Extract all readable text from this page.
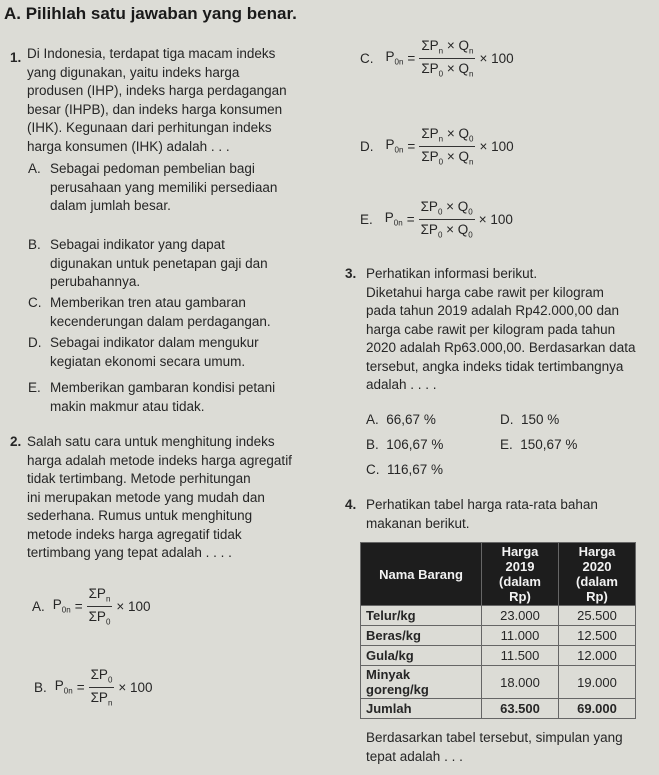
A. Pilihlah satu jawaban yang benar.
1. Di Indonesia, terdapat tiga macam indeks
yang digunakan, yaitu indeks harga
produsen (IHP), indeks harga perdagangan
besar (IHPB), dan indeks harga konsumen
(IHK). Kegunaan dari perhitungan indeks
harga konsumen (IHK) adalah . . .
A. Sebagai pedoman pembelian bagi
perusahaan yang memiliki persediaan
dalam jumlah besar.
B. Sebagai indikator yang dapat
digunakan untuk penetapan gaji dan
perubahannya.
C. Memberikan tren atau gambaran
kecenderungan dalam perdagangan.
D. Sebagai indikator dalam mengukur
kegiatan ekonomi secara umum.
E. Memberikan gambaran kondisi petani
makin makmur atau tidak.
2. Salah satu cara untuk menghitung indeks
harga adalah metode indeks harga agregatif
tidak tertimbang. Metode perhitungan
ini merupakan metode yang mudah dan
sederhana. Rumus untuk menghitung
metode indeks harga agregatif tidak
tertimbang yang tepat adalah . . . .
A. $P_{0n}$ =
$\Sigma P_n$
$\Sigma P_0$
× 100
B. $P_{0n}$ =
$\Sigma P_0$
$\Sigma P_n$
× 100
C. $P_{0n}$ =
$\Sigma P_n \times Q_n$
$\Sigma P_0 \times Q_n$
× 100
D. $P_{0n}$ =
$\Sigma P_n \times Q_0$
$\Sigma P_0 \times Q_n$
× 100
E. $P_{0n} = \frac{\Sigma P_0 \times Q_0}{\Sigma P_0 \times Q_0} \times 100$
3. Perhatikan informasi berikut.
Diketahui harga cabe rawit per kilogram
pada tahun 2019 adalah Rp42.000,00 dan
harga cabe rawit per kilogram pada tahun
2020 adalah Rp63.000,00. Berdasarkan data
tersebut, angka indeks tidak tertimbangnya
adalah . . . .
A. 66,67 %	D. 150 %
B. 106,67 %	E. 150,67 %
C. 116,67 %
4. Perhatikan tabel harga rata-rata bahan
makanan berikut.
Nama Barang	Harga 2019 (dalam Rp)	Harga 2020 (dalam Rp)
Telur/kg	23.000	25.500
Beras/kg	11.000	12.500
Gula/kg	11.500	12.000
Minyak goreng/kg	18.000	19.000
Jumlah	63.500	69.000
Berdasarkan tabel tersebut, simpulan yang
tepat adalah . . .
